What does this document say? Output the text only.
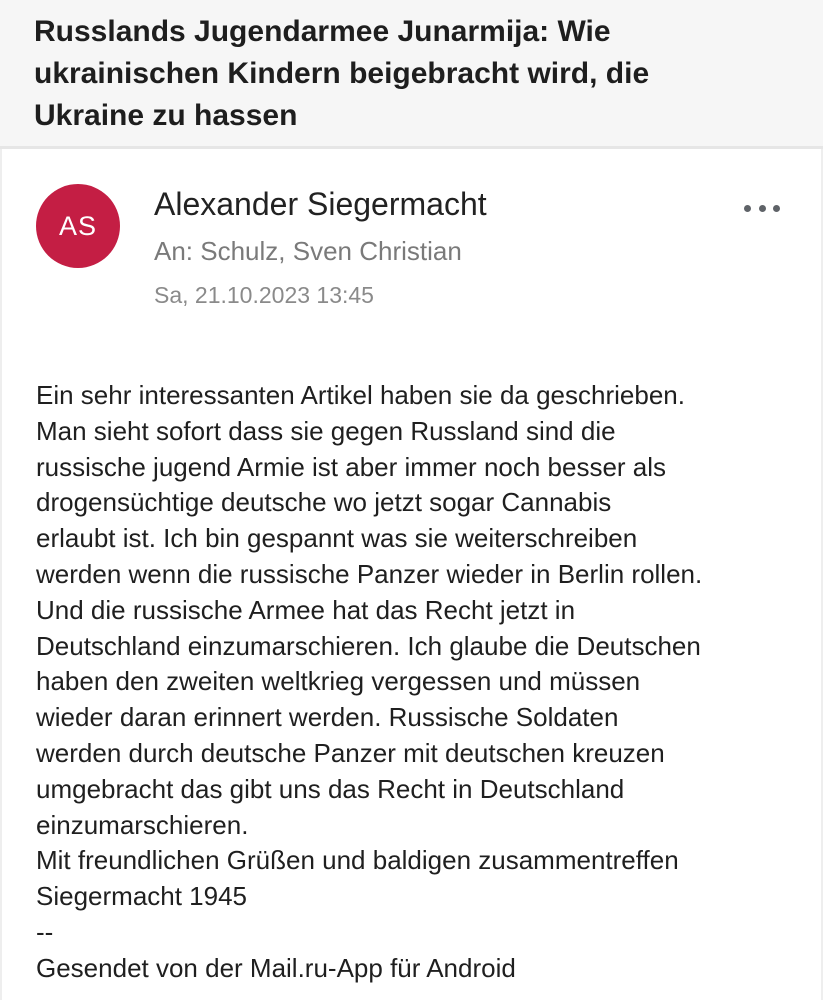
Russlands Jugendarmee Junarmija: Wie
ukrainischen Kindern beigebracht wird, die
Ukraine zu hassen
AS
Alexander Siegermacht
An: Schulz, Sven Christian
Sa, 21.10.2023 13:45
Ein sehr interessanten Artikel haben sie da geschrieben.
Man sieht sofort dass sie gegen Russland sind die
russische jugend Armie ist aber immer noch besser als
drogensüchtige deutsche wo jetzt sogar Cannabis
erlaubt ist. Ich bin gespannt was sie weiterschreiben
werden wenn die russische Panzer wieder in Berlin rollen.
Und die russische Armee hat das Recht jetzt in
Deutschland einzumarschieren. Ich glaube die Deutschen
haben den zweiten weltkrieg vergessen und müssen
wieder daran erinnert werden. Russische Soldaten
werden durch deutsche Panzer mit deutschen kreuzen
umgebracht das gibt uns das Recht in Deutschland
einzumarschieren.
Mit freundlichen Grüßen und baldigen zusammentreffen
Siegermacht 1945
--
Gesendet von der Mail.ru-App für Android
